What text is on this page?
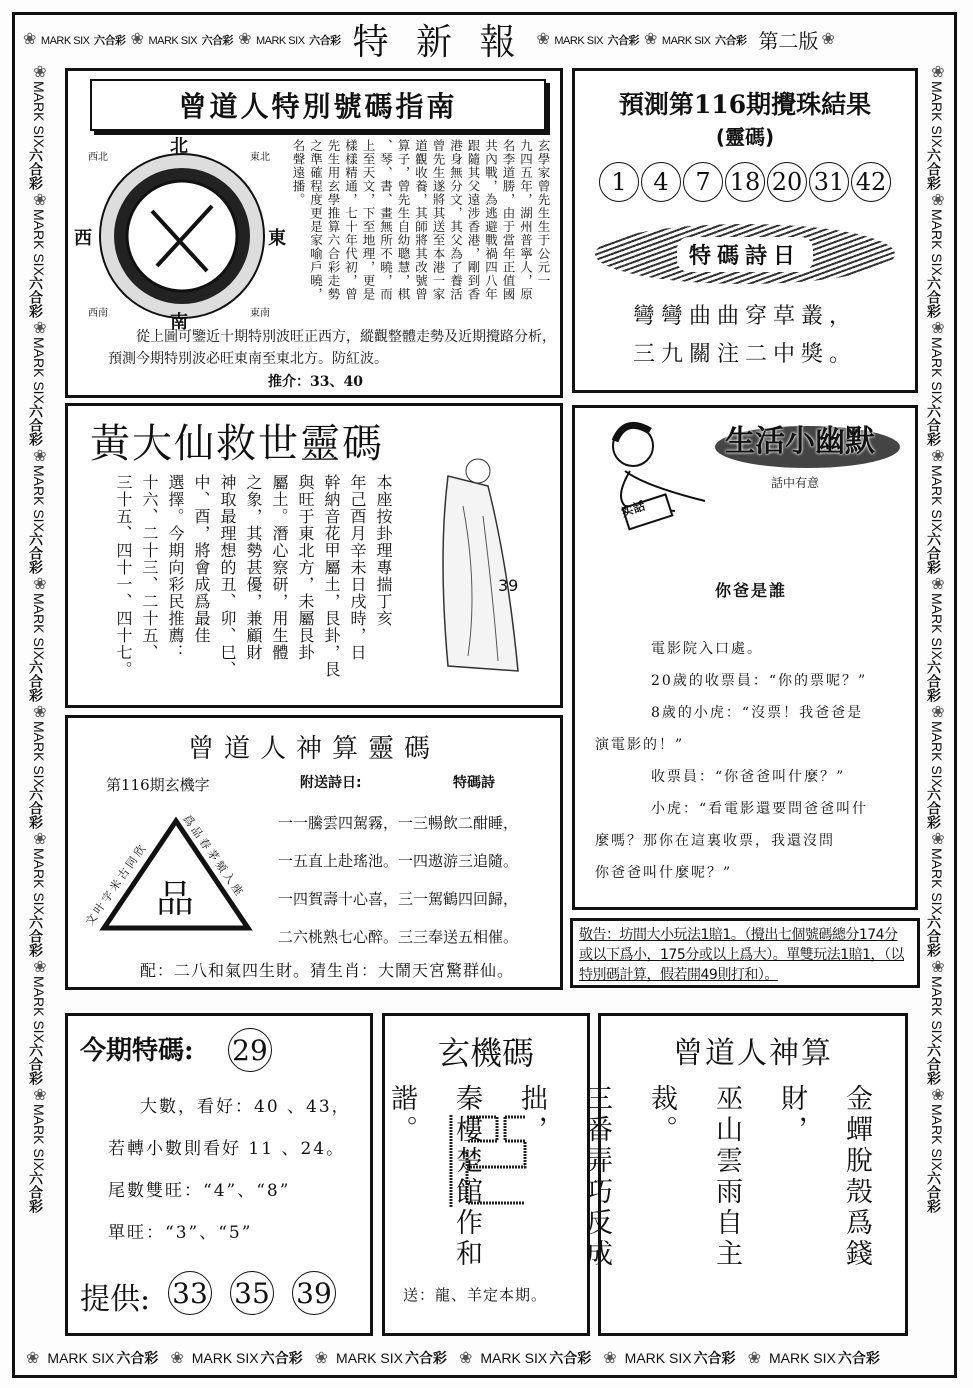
❀ MARK SIX 六合彩 ❀ MARK SIX 六合彩 ❀ MARK SIX 六合彩 特 新 報 ❀ MARK SIX 六合彩 ❀ MARK SIX 六合彩 第二版 ❀
❀
MARK SIX
六合彩
❀
MARK SIX
六合彩
❀
MARK SIX
六合彩
❀
MARK SIX
六合彩
❀
MARK SIX
六合彩
❀
MARK SIX
六合彩
❀
MARK SIX
六合彩
❀
MARK SIX
六合彩
❀
MARK SIX
六合彩
❀
MARK SIX
六合彩
❀
MARK SIX
六合彩
❀
MARK SIX
六合彩
❀
MARK SIX
六合彩
❀
MARK SIX
六合彩
❀
MARK SIX
六合彩
❀
MARK SIX
六合彩
❀
MARK SIX
六合彩
❀
MARK SIX
六合彩
❀ MARK SIX 六合彩 ❀ MARK SIX 六合彩 ❀ MARK SIX 六合彩 ❀ MARK SIX 六合彩 ❀ MARK SIX 六合彩 ❀ MARK SIX 六合彩
曾道人特別號碼指南
北
南
東
西
西北	東北
西南	東南
玄學家曾先生生于公元一
九四五年，湖州普寧人，原
名李道勝，由于當年正值國
共內戰，為逃避戰禍四八年
跟隨其父遠涉香港，剛到香
港身無分文，其父為了養活
曾先生遂將其送至本港一家
道觀收養，其師將其改號曾
算子，曾先生自幼聰慧，棋
、琴、書、畫無所不曉，而
上至天文，下至地理，更是
樣樣精通，七十年代初，曾
先生用玄學推算六合彩走勢
之準確程度更是家喻戶曉，
名聲遠播。
從上圖可鑒近十期特別波旺正西方，縱觀整體走勢及近期攪路分析，預測今期特別波必旺東南至東北方。防紅波。
推介：33、40
預測第116期攪珠結果
(靈碼)
1 4 7 18 20 31 42
特碼詩日
彎彎曲曲穿草叢，
三九關注二中獎。
黃大仙救世靈碼
本座按卦理專揣丁亥
年己酉月辛未日戌時，日
幹納音花甲屬土，艮卦，艮
與旺于東北方，未屬艮卦
屬土。潛心察研，用生體
之象，其勢甚優，兼顧財
神取最理想的丑、卯、巳、
中、酉，將會成爲最佳
選擇。今期向彩民推薦：
十六、二十三、二十五、
三十五、四十一、四十七。	39
实話
生活小幽默
話中有意
你爸是誰
電影院入口處。
20歲的收票員：“你的票呢？”
8歲的小虎：“沒票！我爸爸是
演電影的！”
收票員：“你爸爸叫什麼？”
小虎：“看電影還要問爸爸叫什
麼嗎？那你在這裏收票，我還沒問
你爸爸叫什麼呢？”
曾道人神算靈碼
第116期玄機字	附送詩日:	特碼詩
品
文叶字米古同欣	爲品春茅頻入座 一一騰雲四駕霧，一三暢飲二酣睡，
一五直上赴瑤池。一四遨游三追隨。
一四賀壽十心喜，三一駕鶴四回歸，
二六桃熟七心醉。三三奉送五相催。
配：二八和氣四生財。猜生肖：大鬧天宮驚群仙。
敬告：坊間大小玩法1賠1。（攪出七個號碼總分174分或以下爲小，175分或以上爲大）。單雙玩法1賠1，（以特別碼計算，假若開49則打和）。
今期特碼: 29
大數，看好：40 、43，
若轉小數則看好 11 、24。
尾數雙旺：“4”、“8”
單旺：“3”、“5”
提供: 33 35 39
玄機碼
送：龍、羊定本期。
曾道人神算
金蟬脫殼爲錢財，
巫山雲雨自主裁。
三番弄巧反成拙，
秦樓楚館作和諧。
